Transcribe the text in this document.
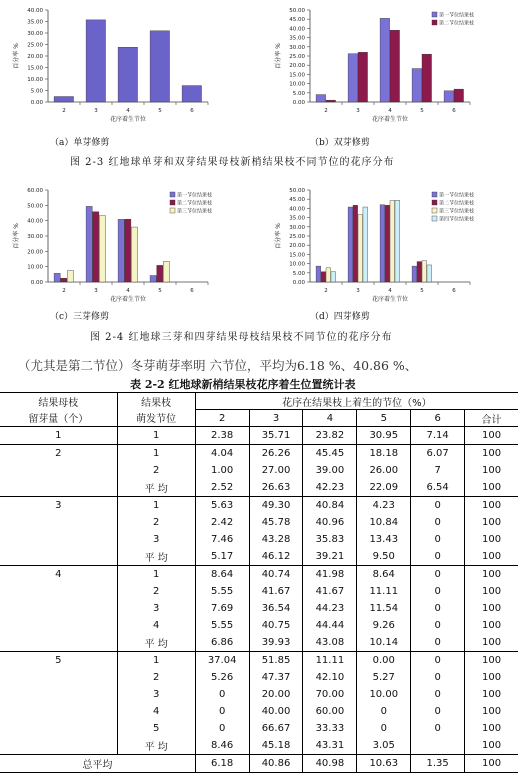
0.00
5.00
10.00
15.00
20.00
25.00
30.00
35.00
40.00
2	3	4	5	6
百分率 %
花序着生节位
0.00
5.00
10.00
15.00
20.00
25.00
30.00
35.00
40.00
45.00
50.00
2	3	4	5	6
百分率 %
花序着生节位
第一节位结果枝
第二节位结果枝
0.00
10.00
20.00
30.00
40.00
50.00
60.00
2	3	4	5	6
百分率 %
花序着生节位
第一节位结果枝
第二节位结果枝
第三节位结果枝
0.00
5.00
10.00
15.00
20.00
25.00
30.00
35.00
40.00
45.00
50.00
2	3	4	5	6
百分率 %
花序着生节位
第一节位结果枝
第二节位结果枝
第三节位结果枝
第四节位结果枝
（a）单芽修剪	（b）双芽修剪
图 2-3 红地球单芽和双芽结果母枝新梢结果枝不同节位的花序分布
（c）三芽修剪	（d）四芽修剪
图 2-4 红地球三芽和四芽结果母枝结果枝不同节位的花序分布
（尤其是第二节位）冬芽萌芽率明 六节位，平均为6.18 %、40.86 %、
表 2-2 红地球新梢结果枝花序着生位置统计表
结果母枝	结果枝	花序在结果枝上着生的节位（%）					
留芽量（个）	萌发节位	2	3	4	5	6	合计
1	1	2.38	35.71	23.82	30.95	7.14	100
2	1	4.04	26.26	45.45	18.18	6.07	100
	2	1.00	27.00	39.00	26.00	7	100
	平 均	2.52	26.63	42.23	22.09	6.54	100
3	1	5.63	49.30	40.84	4.23	0	100
	2	2.42	45.78	40.96	10.84	0	100
	3	7.46	43.28	35.83	13.43	0	100
	平 均	5.17	46.12	39.21	9.50	0	100
4	1	8.64	40.74	41.98	8.64	0	100
	2	5.55	41.67	41.67	11.11	0	100
	3	7.69	36.54	44.23	11.54	0	100
	4	5.55	40.75	44.44	9.26	0	100
	平 均	6.86	39.93	43.08	10.14	0	100
5	1	37.04	51.85	11.11	0.00	0	100
	2	5.26	47.37	42.10	5.27	0	100
	3	0	20.00	70.00	10.00	0	100
	4	0	40.00	60.00	0	0	100
	5	0	66.67	33.33	0	0	100
	平 均	8.46	45.18	43.31	3.05		100
总平均		6.18	40.86	40.98	10.63	1.35	100
